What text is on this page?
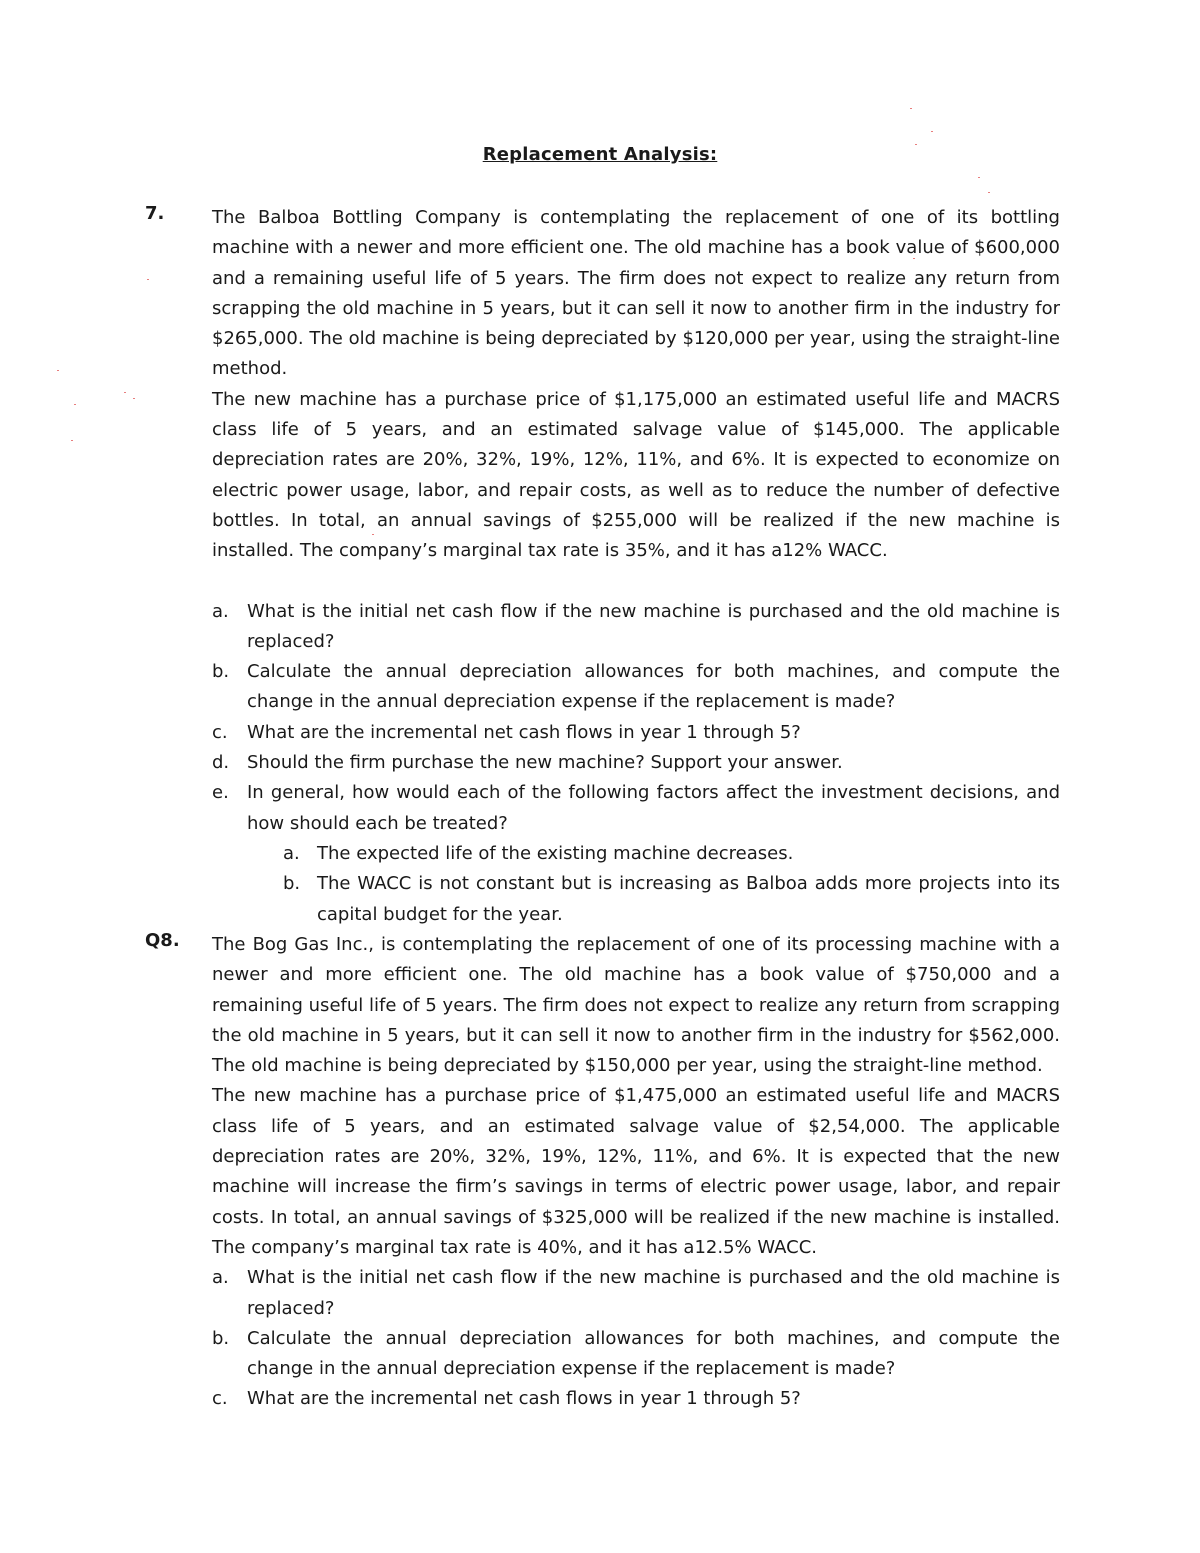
Replacement Analysis:
7.	The Balboa Bottling Company is contemplating the replacement of one of its bottling machine with a newer and more efficient one. The old machine has a book value of $600,000 and a remaining useful life of 5 years. The firm does not expect to realize any return from scrapping the old machine in 5 years, but it can sell it now to another firm in the industry for $265,000. The old machine is being depreciated by $120,000 per year, using the straight-line method.

The new machine has a purchase price of $1,175,000 an estimated useful life and MACRS class life of 5 years, and an estimated salvage value of $145,000. The applicable depreciation rates are 20%, 32%, 19%, 12%, 11%, and 6%. It is expected to economize on electric power usage, labor, and repair costs, as well as to reduce the number of defective bottles. In total, an annual savings of $255,000 will be realized if the new machine is installed. The company’s marginal tax rate is 35%, and it has a12% WACC.

a. What is the initial net cash flow if the new machine is purchased and the old machine is replaced?
b. Calculate the annual depreciation allowances for both machines, and compute the change in the annual depreciation expense if the replacement is made?
c. What are the incremental net cash flows in year 1 through 5?
d. Should the firm purchase the new machine? Support your answer.
e. In general, how would each of the following factors affect the investment decisions, and how should each be treated?
a. The expected life of the existing machine decreases.
b. The WACC is not constant but is increasing as Balboa adds more projects into its capital budget for the year.
Q8. The Bog Gas Inc., is contemplating the replacement of one of its processing machine with a newer and more efficient one. The old machine has a book value of $750,000 and a remaining useful life of 5 years. The firm does not expect to realize any return from scrapping the old machine in 5 years, but it can sell it now to another firm in the industry for $562,000. The old machine is being depreciated by $150,000 per year, using the straight-line method.

The new machine has a purchase price of $1,475,000 an estimated useful life and MACRS class life of 5 years, and an estimated salvage value of $2,54,000. The applicable depreciation rates are 20%, 32%, 19%, 12%, 11%, and 6%. It is expected that the new machine will increase the firm’s savings in terms of electric power usage, labor, and repair costs. In total, an annual savings of $325,000 will be realized if the new machine is installed. The company’s marginal tax rate is 40%, and it has a12.5% WACC.

a. What is the initial net cash flow if the new machine is purchased and the old machine is replaced?
b. Calculate the annual depreciation allowances for both machines, and compute the change in the annual depreciation expense if the replacement is made?
c. What are the incremental net cash flows in year 1 through 5?
